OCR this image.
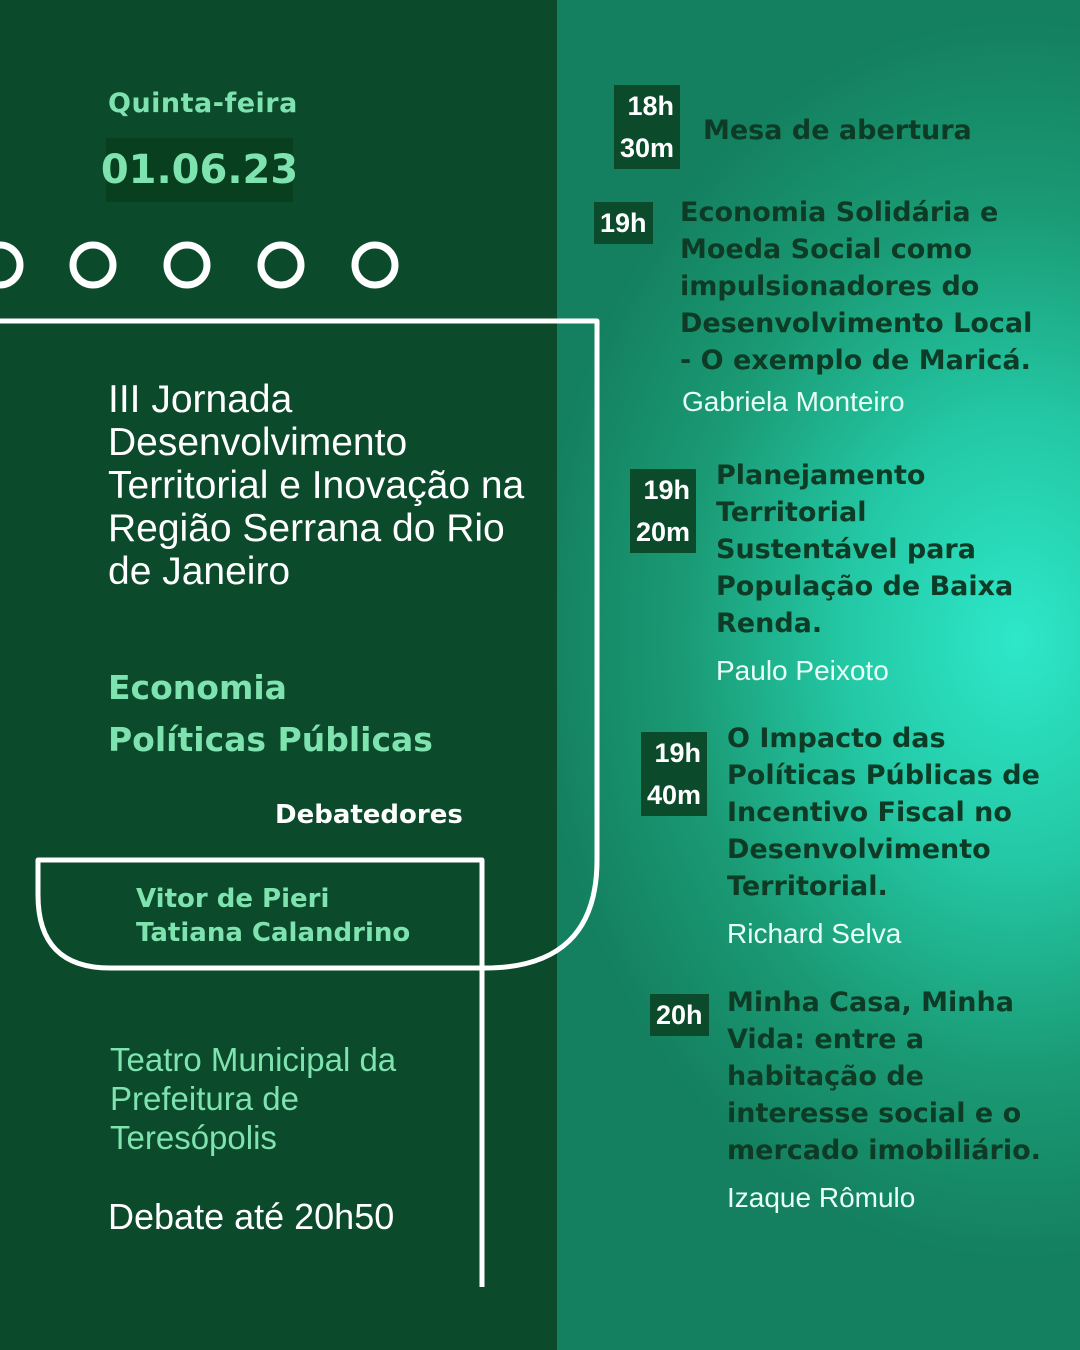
Quinta-feira
01.06.23
III Jornada Desenvolvimento Territorial e Inovação na Região Serrana do Rio de Janeiro
Economia
Políticas Públicas
Debatedores
Vitor de Pieri
Tatiana Calandrino
Teatro Municipal da Prefeitura de Teresópolis
Debate até 20h50
18h
30m
Mesa de abertura
19h Economia Solidária e Moeda Social como impulsionadores do Desenvolvimento Local - O exemplo de Maricá.
Gabriela Monteiro
19h
20m
Planejamento Territorial Sustentável para População de Baixa Renda.
Paulo Peixoto
19h
40m
O Impacto das Políticas Públicas de Incentivo Fiscal no Desenvolvimento Territorial.
Richard Selva
20h Minha Casa, Minha Vida: entre a habitação de interesse social e o mercado imobiliário.
Izaque Rômulo
